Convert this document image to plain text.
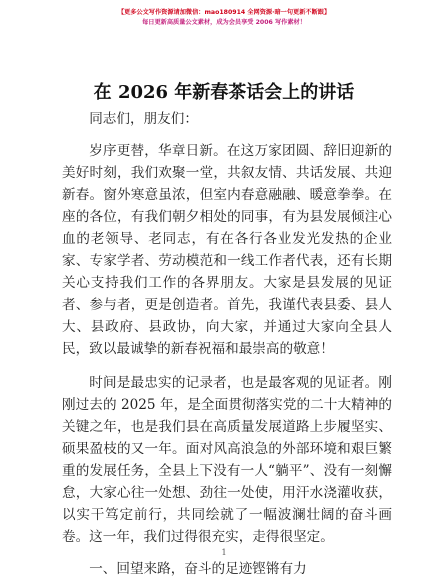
【更多公文写作资源请加微信：mao180914 全网资源·暗一句更新不断跟】
每日更新高质量公文素材，成为会员享受 2006 写作素材！
在 2026 年新春茶话会上的讲话

同志们，朋友们：

岁序更替，华章日新。在这万家团圆、辞旧迎新的美好时刻，我们欢聚一堂，共叙友情、共话发展、共迎新春。窗外寒意虽浓，但室内春意融融、暖意拳拳。在座的各位，有我们朝夕相处的同事，有为县发展倾注心血的老领导、老同志，有在各行各业发光发热的企业家、专家学者、劳动模范和一线工作者代表，还有长期关心支持我们工作的各界朋友。大家是县发展的见证者、参与者，更是创造者。首先，我谨代表县委、县人大、县政府、县政协，向大家，并通过大家向全县人民，致以最诚挚的新春祝福和最崇高的敬意！

时间是最忠实的记录者，也是最客观的见证者。刚刚过去的 2025 年，是全面贯彻落实党的二十大精神的关键之年，也是我们县在高质量发展道路上步履坚实、硕果盈枝的又一年。面对风高浪急的外部环境和艰巨繁重的发展任务，全县上下没有一人“躺平”、没有一刻懈怠，大家心往一处想、劲往一处使，用汗水浇灌收获，以实干笃定前行，共同绘就了一幅波澜壮阔的奋斗画卷。这一年，我们过得很充实，走得很坚定。

一、回望来路，奋斗的足迹铿锵有力

1
